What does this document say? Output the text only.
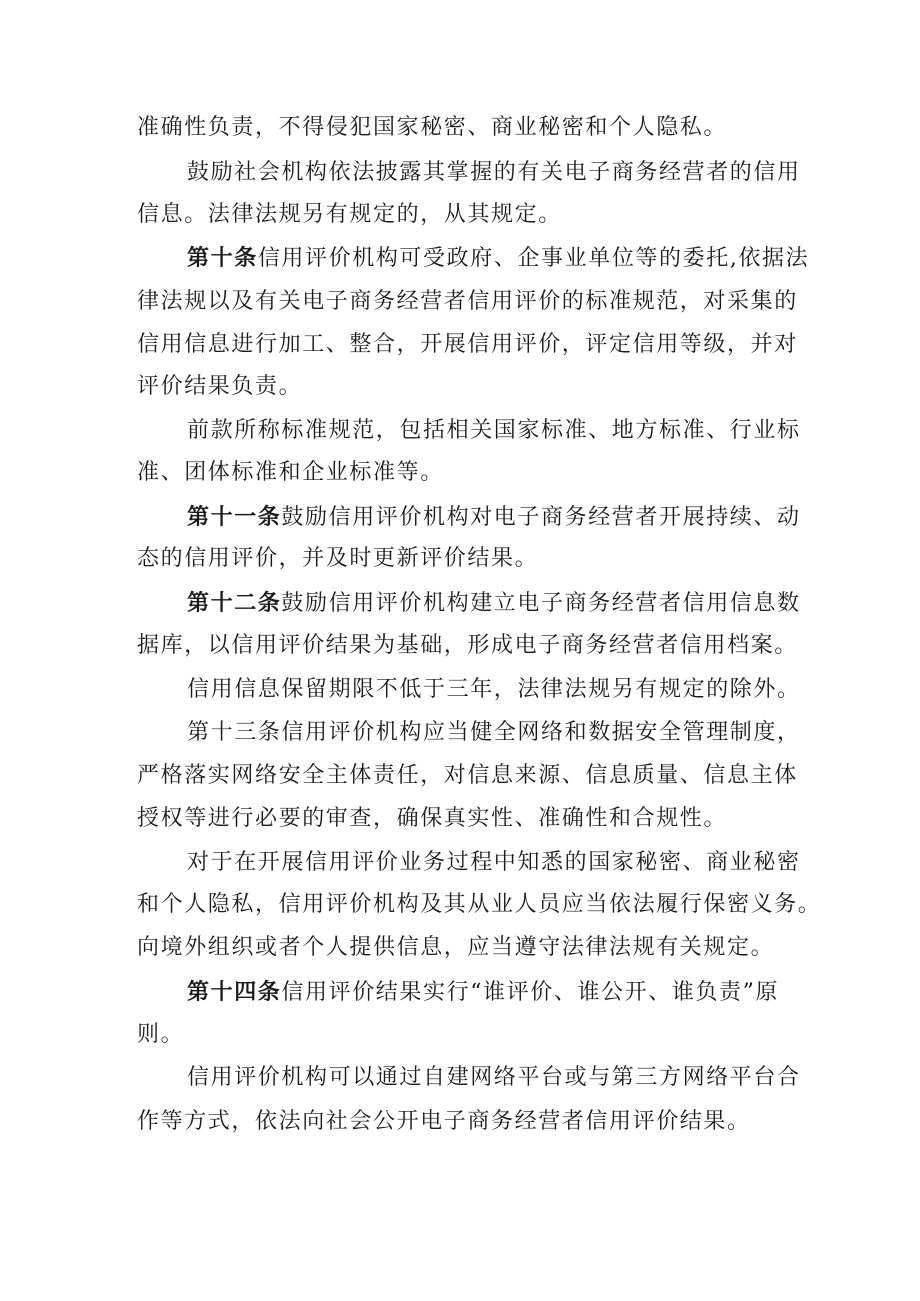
准确性负责，不得侵犯国家秘密、商业秘密和个人隐私。
鼓励社会机构依法披露其掌握的有关电子商务经营者的信用
信息。法律法规另有规定的，从其规定。
第十条信用评价机构可受政府、企事业单位等的委托,依据法
律法规以及有关电子商务经营者信用评价的标准规范，对采集的
信用信息进行加工、整合，开展信用评价，评定信用等级，并对
评价结果负责。
前款所称标准规范，包括相关国家标准、地方标准、行业标
准、团体标准和企业标准等。
第十一条鼓励信用评价机构对电子商务经营者开展持续、动
态的信用评价，并及时更新评价结果。
第十二条鼓励信用评价机构建立电子商务经营者信用信息数
据库，以信用评价结果为基础，形成电子商务经营者信用档案。
信用信息保留期限不低于三年，法律法规另有规定的除外。
第十三条信用评价机构应当健全网络和数据安全管理制度，
严格落实网络安全主体责任，对信息来源、信息质量、信息主体
授权等进行必要的审查，确保真实性、准确性和合规性。
对于在开展信用评价业务过程中知悉的国家秘密、商业秘密
和个人隐私，信用评价机构及其从业人员应当依法履行保密义务。
向境外组织或者个人提供信息，应当遵守法律法规有关规定。
第十四条信用评价结果实行“谁评价、谁公开、谁负责”原
则。
信用评价机构可以通过自建网络平台或与第三方网络平台合
作等方式，依法向社会公开电子商务经营者信用评价结果。
